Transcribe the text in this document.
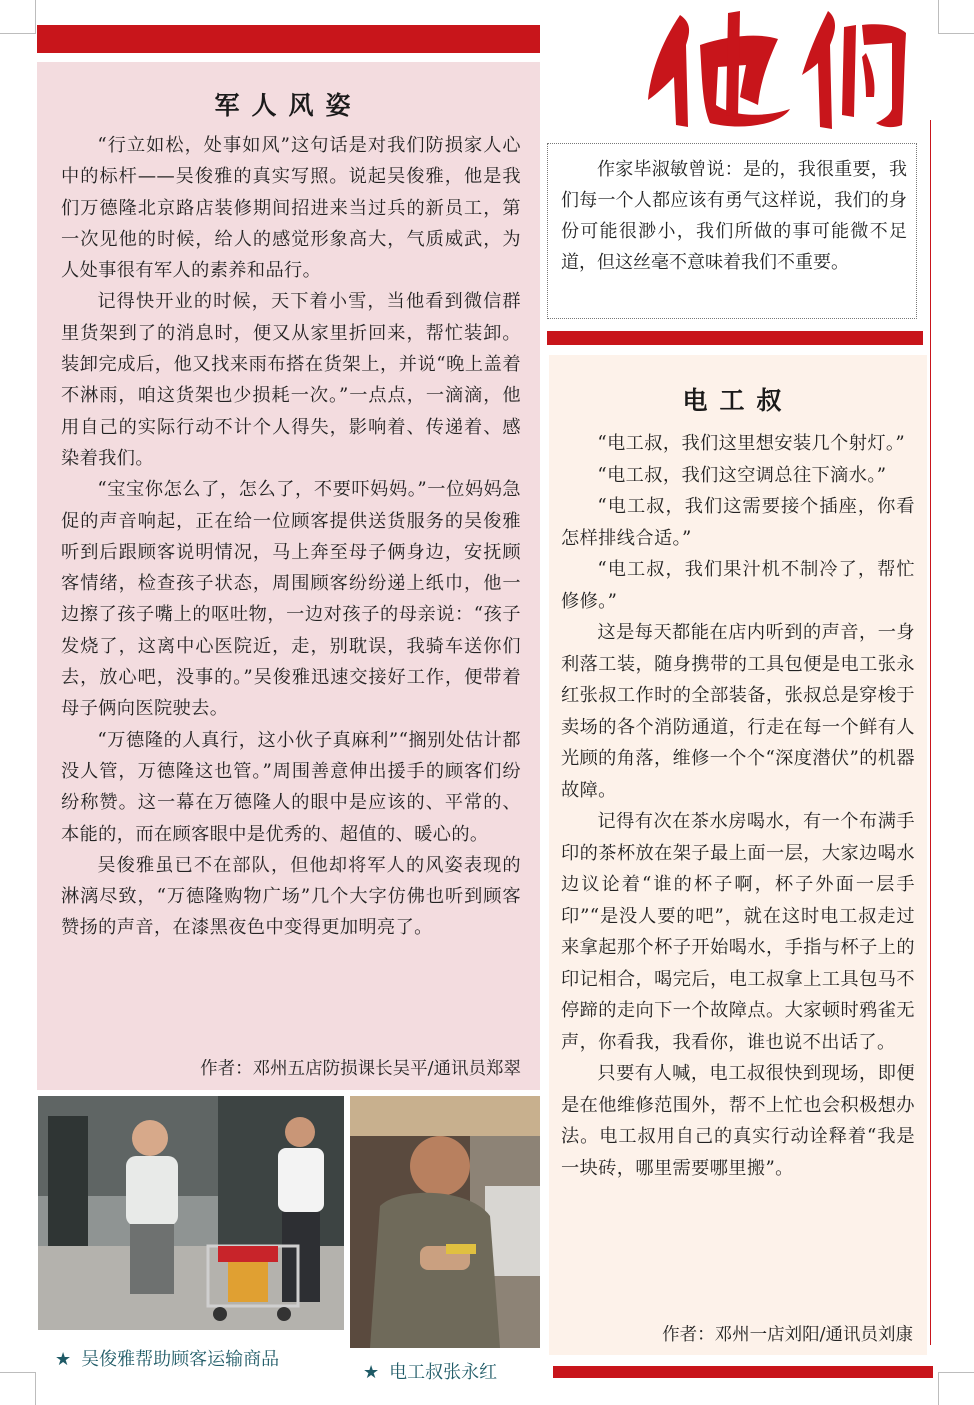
军人风姿

“行立如松，处事如风”这句话是对我们防损家人心中的标杆——吴俊雅的真实写照。说起吴俊雅，他是我们万德隆北京路店装修期间招进来当过兵的新员工，第一次见他的时候，给人的感觉形象高大，气质威武，为人处事很有军人的素养和品行。

记得快开业的时候，天下着小雪，当他看到微信群里货架到了的消息时，便又从家里折回来，帮忙装卸。装卸完成后，他又找来雨布搭在货架上，并说“晚上盖着不淋雨，咱这货架也少损耗一次。”一点点，一滴滴，他用自己的实际行动不计个人得失，影响着、传递着、感染着我们。

“宝宝你怎么了，怎么了，不要吓妈妈。”一位妈妈急促的声音响起，正在给一位顾客提供送货服务的吴俊雅听到后跟顾客说明情况，马上奔至母子俩身边，安抚顾客情绪，检查孩子状态，周围顾客纷纷递上纸巾，他一边擦了孩子嘴上的呕吐物，一边对孩子的母亲说：“孩子发烧了，这离中心医院近，走，别耽误，我骑车送你们去，放心吧，没事的。”吴俊雅迅速交接好工作，便带着母子俩向医院驶去。

“万德隆的人真行，这小伙子真麻利”“搁别处估计都没人管，万德隆这也管。”周围善意伸出援手的顾客们纷纷称赞。这一幕在万德隆人的眼中是应该的、平常的、本能的，而在顾客眼中是优秀的、超值的、暖心的。

吴俊雅虽已不在部队，但他却将军人的风姿表现的淋漓尽致，“万德隆购物广场”几个大字仿佛也听到顾客赞扬的声音，在漆黑夜色中变得更加明亮了。

作者：邓州五店防损课长吴平/通讯员郑翠

作家毕淑敏曾说：是的，我很重要，我们每一个人都应该有勇气这样说，我们的身份可能很渺小，我们所做的事可能微不足道，但这丝毫不意味着我们不重要。

电工叔

“电工叔，我们这里想安装几个射灯。”

“电工叔，我们这空调总往下滴水。”

“电工叔，我们这需要接个插座，你看怎样排线合适。”

“电工叔，我们果汁机不制冷了，帮忙修修。”

这是每天都能在店内听到的声音，一身利落工装，随身携带的工具包便是电工张永红张叔工作时的全部装备，张叔总是穿梭于卖场的各个消防通道，行走在每一个鲜有人光顾的角落，维修一个个“深度潜伏”的机器故障。

记得有次在茶水房喝水，有一个布满手印的茶杯放在架子最上面一层，大家边喝水边议论着“谁的杯子啊，杯子外面一层手印”“是没人要的吧”，就在这时电工叔走过来拿起那个杯子开始喝水，手指与杯子上的印记相合，喝完后，电工叔拿上工具包马不停蹄的走向下一个故障点。大家顿时鸦雀无声，你看我，我看你，谁也说不出话了。

只要有人喊，电工叔很快到现场，即便是在他维修范围外，帮不上忙也会积极想办法。电工叔用自己的真实行动诠释着“我是一块砖，哪里需要哪里搬”。

作者：邓州一店刘阳/通讯员刘康
★ 吴俊雅帮助顾客运输商品
★ 电工叔张永红
